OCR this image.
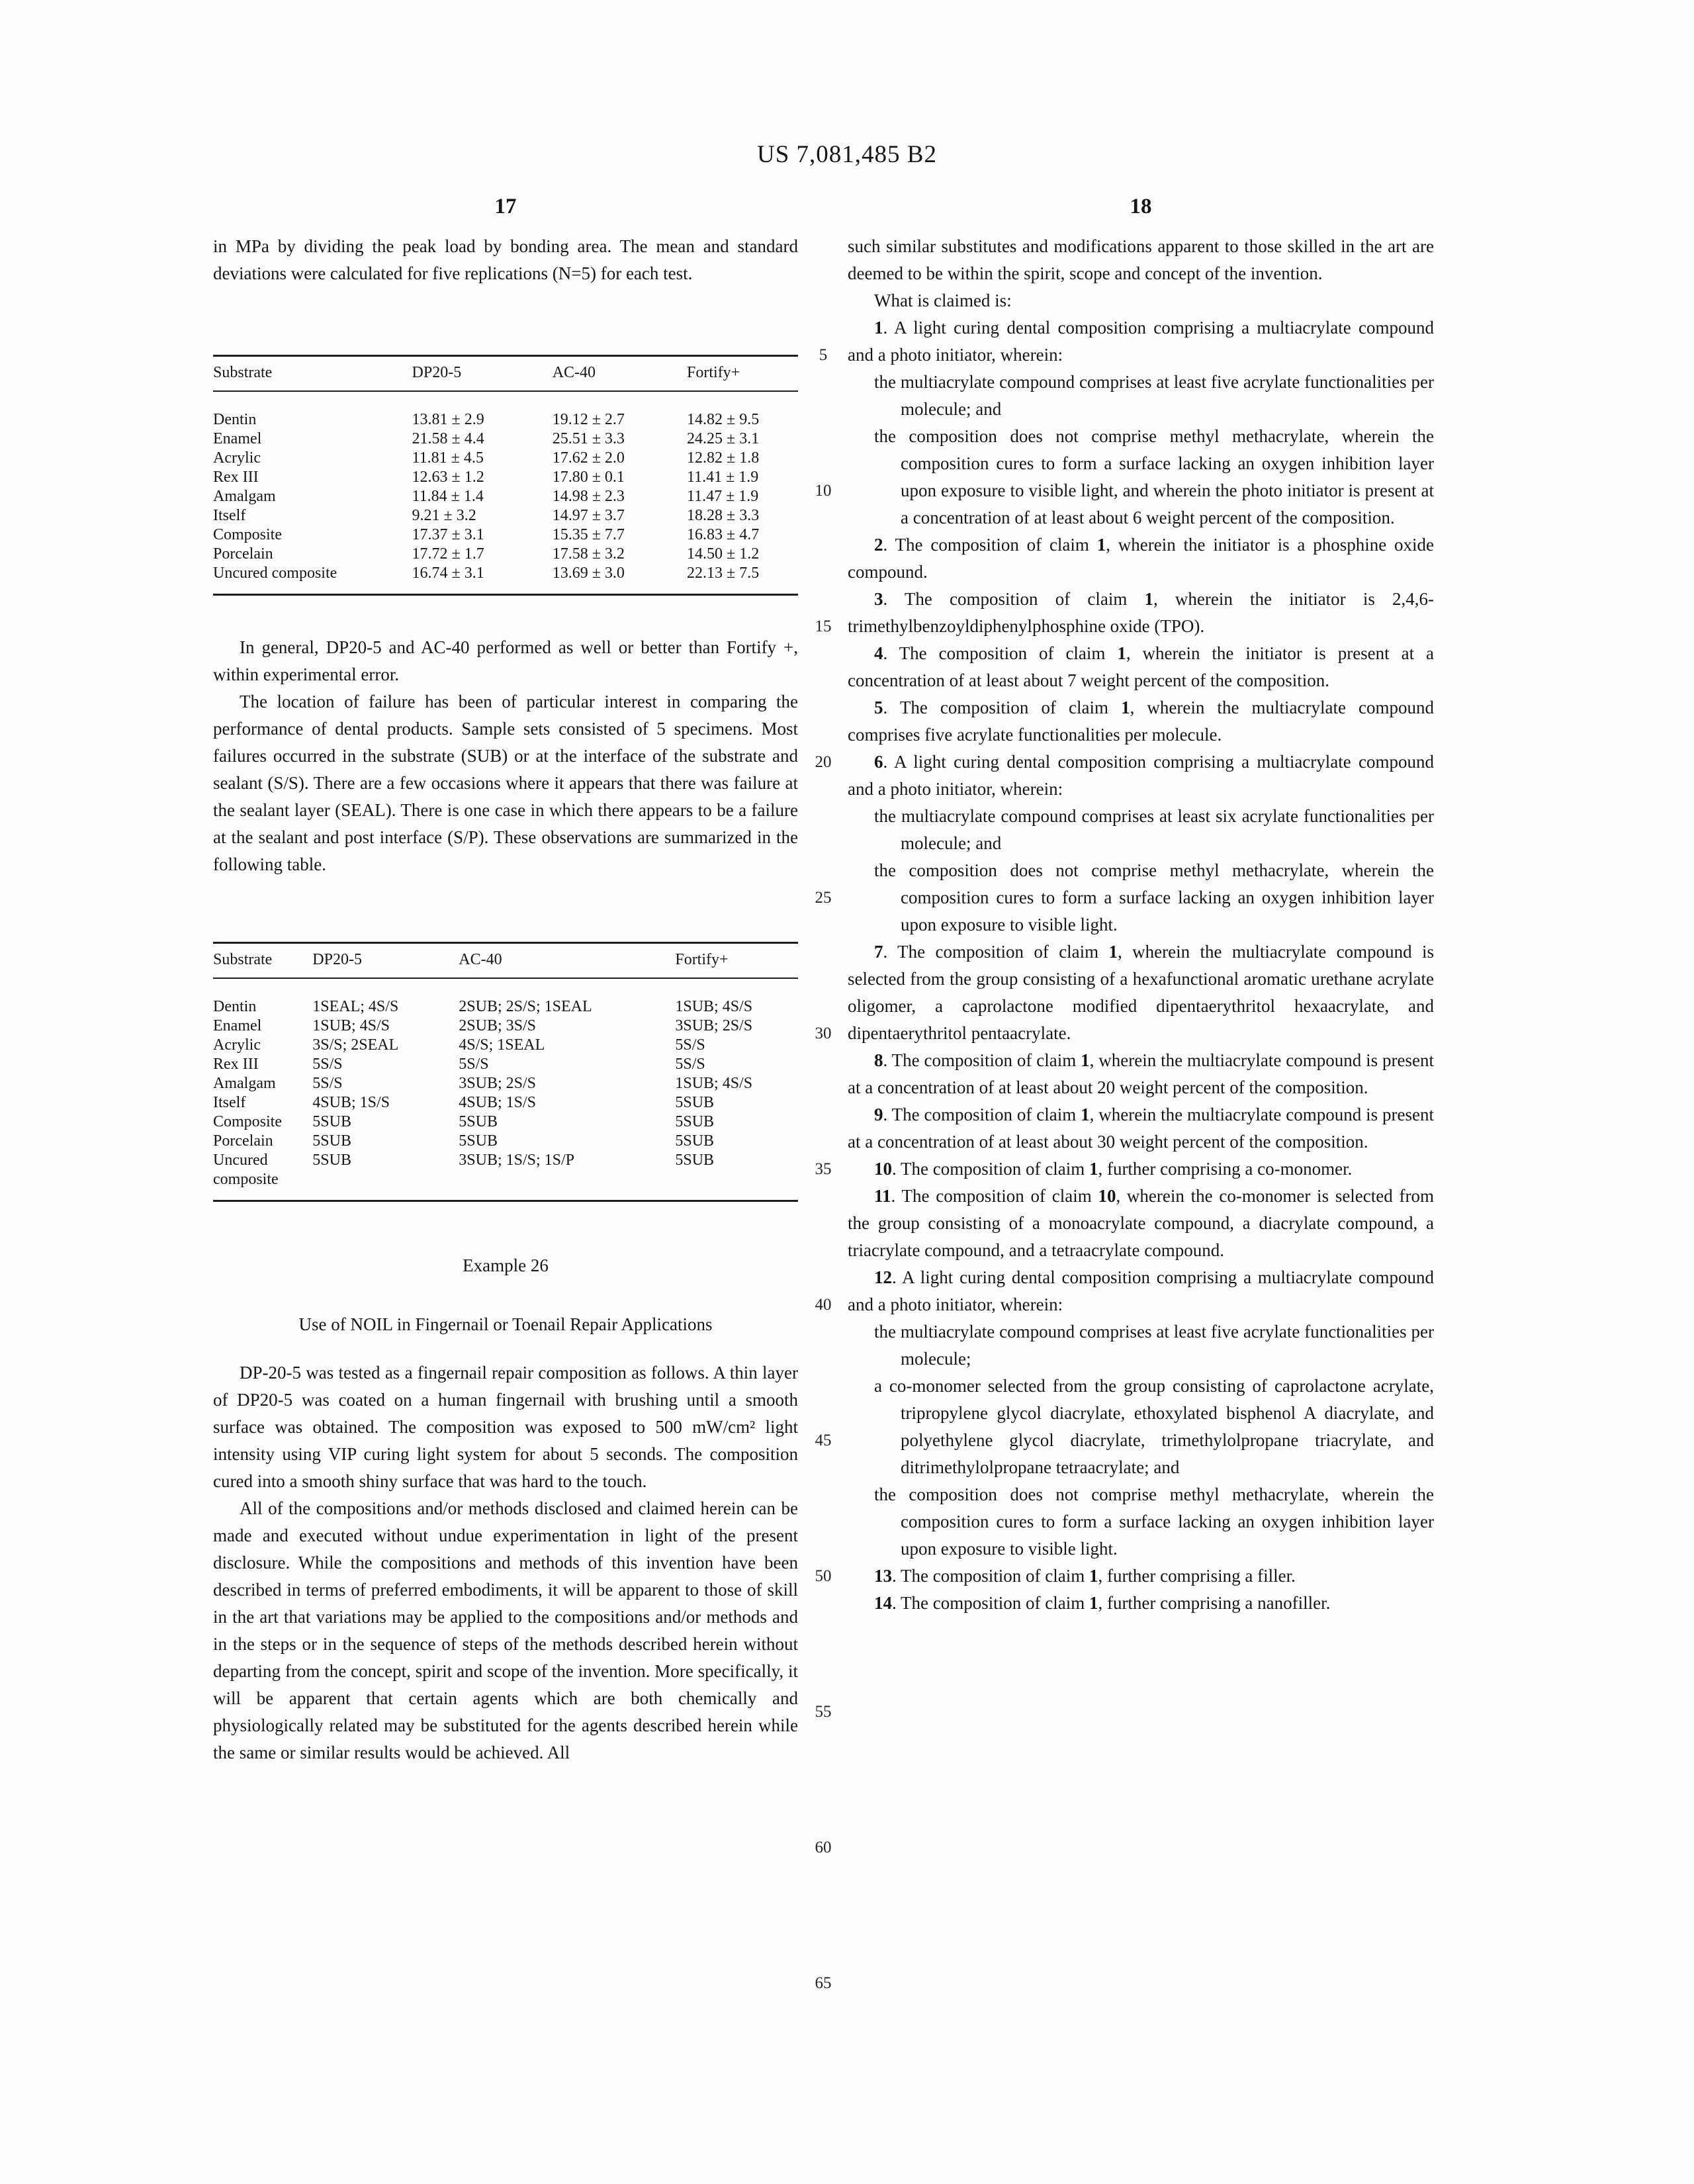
US 7,081,485 B2
17	18
5
10
15
20
25
30
35
40
45
50
55
60
65

in MPa by dividing the peak load by bonding area. The mean and standard deviations were calculated for five replications (N=5) for each test.

Substrate	DP20-5	AC-40	Fortify+
Dentin	13.81 ± 2.9	19.12 ± 2.7	14.82 ± 9.5
Enamel	21.58 ± 4.4	25.51 ± 3.3	24.25 ± 3.1
Acrylic	11.81 ± 4.5	17.62 ± 2.0	12.82 ± 1.8
Rex III	12.63 ± 1.2	17.80 ± 0.1	11.41 ± 1.9
Amalgam	11.84 ± 1.4	14.98 ± 2.3	11.47 ± 1.9
Itself	9.21 ± 3.2	14.97 ± 3.7	18.28 ± 3.3
Composite	17.37 ± 3.1	15.35 ± 7.7	16.83 ± 4.7
Porcelain	17.72 ± 1.7	17.58 ± 3.2	14.50 ± 1.2
Uncured composite	16.74 ± 3.1	13.69 ± 3.0	22.13 ± 7.5

In general, DP20-5 and AC-40 performed as well or better than Fortify +, within experimental error.

The location of failure has been of particular interest in comparing the performance of dental products. Sample sets consisted of 5 specimens. Most failures occurred in the substrate (SUB) or at the interface of the substrate and sealant (S/S). There are a few occasions where it appears that there was failure at the sealant layer (SEAL). There is one case in which there appears to be a failure at the sealant and post interface (S/P). These observations are summarized in the following table.

Substrate	DP20-5	AC-40	Fortify+
Dentin	1SEAL; 4S/S	2SUB; 2S/S; 1SEAL	1SUB; 4S/S
Enamel	1SUB; 4S/S	2SUB; 3S/S	3SUB; 2S/S
Acrylic	3S/S; 2SEAL	4S/S; 1SEAL	5S/S
Rex III	5S/S	5S/S	5S/S
Amalgam	5S/S	3SUB; 2S/S	1SUB; 4S/S
Itself	4SUB; 1S/S	4SUB; 1S/S	5SUB
Composite	5SUB	5SUB	5SUB
Porcelain	5SUB	5SUB	5SUB
Uncured composite	5SUB	3SUB; 1S/S; 1S/P	5SUB

Example 26

Use of NOIL in Fingernail or Toenail Repair Applications

DP-20-5 was tested as a fingernail repair composition as follows. A thin layer of DP20-5 was coated on a human fingernail with brushing until a smooth surface was obtained. The composition was exposed to 500 mW/cm² light intensity using VIP curing light system for about 5 seconds. The composition cured into a smooth shiny surface that was hard to the touch.

All of the compositions and/or methods disclosed and claimed herein can be made and executed without undue experimentation in light of the present disclosure. While the compositions and methods of this invention have been described in terms of preferred embodiments, it will be apparent to those of skill in the art that variations may be applied to the compositions and/or methods and in the steps or in the sequence of steps of the methods described herein without departing from the concept, spirit and scope of the invention. More specifically, it will be apparent that certain agents which are both chemically and physiologically related may be substituted for the agents described herein while the same or similar results would be achieved. All

such similar substitutes and modifications apparent to those skilled in the art are deemed to be within the spirit, scope and concept of the invention.

What is claimed is:

1. A light curing dental composition comprising a multiacrylate compound and a photo initiator, wherein:

the multiacrylate compound comprises at least five acrylate functionalities per molecule; and

the composition does not comprise methyl methacrylate, wherein the composition cures to form a surface lacking an oxygen inhibition layer upon exposure to visible light, and wherein the photo initiator is present at a concentration of at least about 6 weight percent of the composition.

2. The composition of claim 1, wherein the initiator is a phosphine oxide compound.

3. The composition of claim 1, wherein the initiator is 2,4,6-trimethylbenzoyldiphenylphosphine oxide (TPO).

4. The composition of claim 1, wherein the initiator is present at a concentration of at least about 7 weight percent of the composition.

5. The composition of claim 1, wherein the multiacrylate compound comprises five acrylate functionalities per molecule.

6. A light curing dental composition comprising a multiacrylate compound and a photo initiator, wherein:

the multiacrylate compound comprises at least six acrylate functionalities per molecule; and

the composition does not comprise methyl methacrylate, wherein the composition cures to form a surface lacking an oxygen inhibition layer upon exposure to visible light.

7. The composition of claim 1, wherein the multiacrylate compound is selected from the group consisting of a hexafunctional aromatic urethane acrylate oligomer, a caprolactone modified dipentaerythritol hexaacrylate, and dipentaerythritol pentaacrylate.

8. The composition of claim 1, wherein the multiacrylate compound is present at a concentration of at least about 20 weight percent of the composition.

9. The composition of claim 1, wherein the multiacrylate compound is present at a concentration of at least about 30 weight percent of the composition.

10. The composition of claim 1, further comprising a co-monomer.

11. The composition of claim 10, wherein the co-monomer is selected from the group consisting of a monoacrylate compound, a diacrylate compound, a triacrylate compound, and a tetraacrylate compound.

12. A light curing dental composition comprising a multiacrylate compound and a photo initiator, wherein:

the multiacrylate compound comprises at least five acrylate functionalities per molecule;

a co-monomer selected from the group consisting of caprolactone acrylate, tripropylene glycol diacrylate, ethoxylated bisphenol A diacrylate, and polyethylene glycol diacrylate, trimethylolpropane triacrylate, and ditrimethylolpropane tetraacrylate; and

the composition does not comprise methyl methacrylate, wherein the composition cures to form a surface lacking an oxygen inhibition layer upon exposure to visible light.

13. The composition of claim 1, further comprising a filler.

14. The composition of claim 1, further comprising a nanofiller.
